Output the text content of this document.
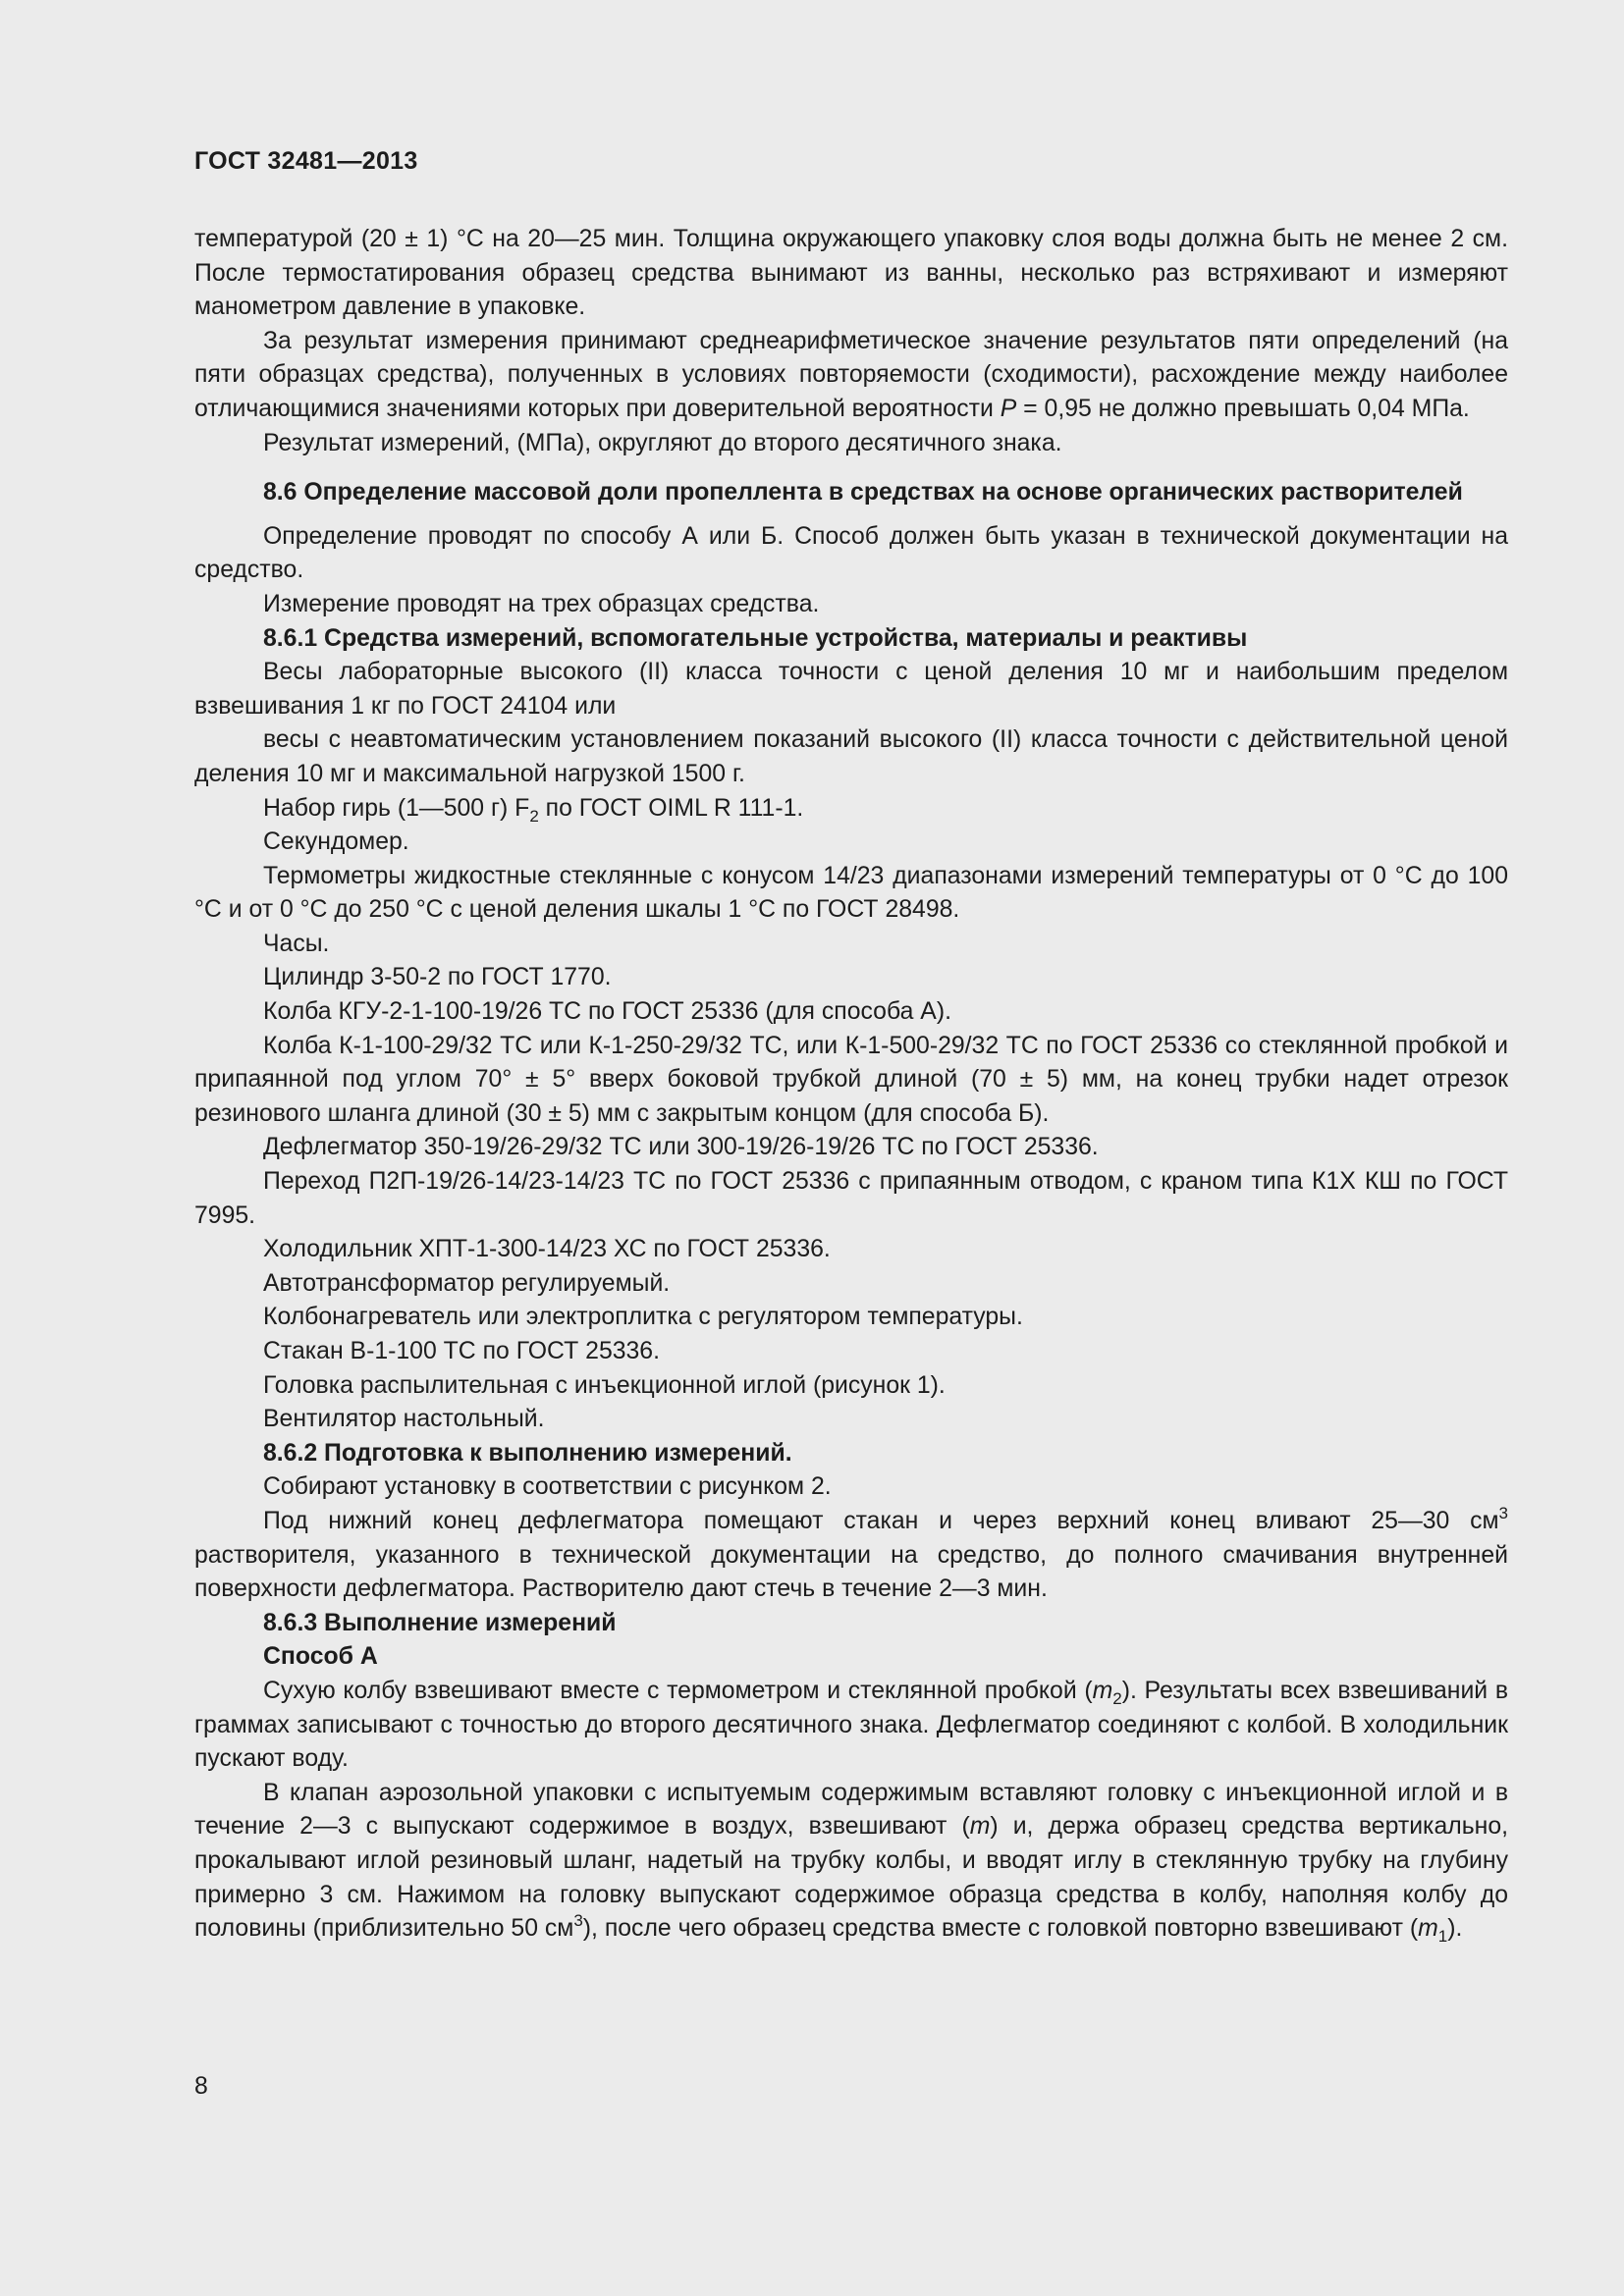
ГОСТ 32481—2013

температурой (20 ± 1) °С на 20—25 мин. Толщина окружающего упаковку слоя воды должна быть не менее 2 см. После термостатирования образец средства вынимают из ванны, несколько раз встряхивают и измеряют манометром давление в упаковке.

За результат измерения принимают среднеарифметическое значение результатов пяти определений (на пяти образцах средства), полученных в условиях повторяемости (сходимости), расхождение между наиболее отличающимися значениями которых при доверительной вероятности P = 0,95 не должно превышать 0,04 МПа.

Результат измерений, (МПа), округляют до второго десятичного знака.

8.6 Определение массовой доли пропеллента в средствах на основе органических растворителей

Определение проводят по способу А или Б. Способ должен быть указан в технической документации на средство.

Измерение проводят на трех образцах средства.

8.6.1 Средства измерений, вспомогательные устройства, материалы и реактивы

Весы лабораторные высокого (II) класса точности с ценой деления 10 мг и наибольшим пределом взвешивания 1 кг по ГОСТ 24104 или

весы с неавтоматическим установлением показаний высокого (II) класса точности с действительной ценой деления 10 мг и максимальной нагрузкой 1500 г.

Набор гирь (1—500 г) $F_2$ по ГОСТ OIML R 111-1.

Секундомер.

Термометры жидкостные стеклянные с конусом 14/23 диапазонами измерений температуры от 0 °С до 100 °С и от 0 °С до 250 °С с ценой деления шкалы 1 °С по ГОСТ 28498.

Часы.

Цилиндр 3-50-2 по ГОСТ 1770.

Колба КГУ-2-1-100-19/26 ТС по ГОСТ 25336 (для способа А).

Колба К-1-100-29/32 ТС или К-1-250-29/32 ТС, или К-1-500-29/32 ТС по ГОСТ 25336 со стеклянной пробкой и припаянной под углом 70° ± 5° вверх боковой трубкой длиной (70 ± 5) мм, на конец трубки надет отрезок резинового шланга длиной (30 ± 5) мм с закрытым концом (для способа Б).

Дефлегматор 350-19/26-29/32 ТС или 300-19/26-19/26 ТС по ГОСТ 25336.

Переход П2П-19/26-14/23-14/23 ТС по ГОСТ 25336 с припаянным отводом, с краном типа К1Х КШ по ГОСТ 7995.

Холодильник ХПТ-1-300-14/23 ХС по ГОСТ 25336.

Автотрансформатор регулируемый.

Колбонагреватель или электроплитка с регулятором температуры.

Стакан В-1-100 ТС по ГОСТ 25336.

Головка распылительная с инъекционной иглой (рисунок 1).

Вентилятор настольный.

8.6.2 Подготовка к выполнению измерений.

Собирают установку в соответствии с рисунком 2.

Под нижний конец дефлегматора помещают стакан и через верхний конец вливают 25—30 $см^3$ растворителя, указанного в технической документации на средство, до полного смачивания внутренней поверхности дефлегматора. Растворителю дают стечь в течение 2—3 мин.

8.6.3 Выполнение измерений

Способ А

Сухую колбу взвешивают вместе с термометром и стеклянной пробкой $(m_2)$. Результаты всех взвешиваний в граммах записывают с точностью до второго десятичного знака. Дефлегматор соединяют с колбой. В холодильник пускают воду.

В клапан аэрозольной упаковки с испытуемым содержимым вставляют головку с инъекционной иглой и в течение 2—3 с выпускают содержимое в воздух, взвешивают (m) и, держа образец средства вертикально, прокалывают иглой резиновый шланг, надетый на трубку колбы, и вводят иглу в стеклянную трубку на глубину примерно 3 см. Нажимом на головку выпускают содержимое образца средства в колбу, наполняя колбу до половины (приблизительно 50 $см^3$), после чего образец средства вместе с головкой повторно взвешивают $(m_1)$.

8
